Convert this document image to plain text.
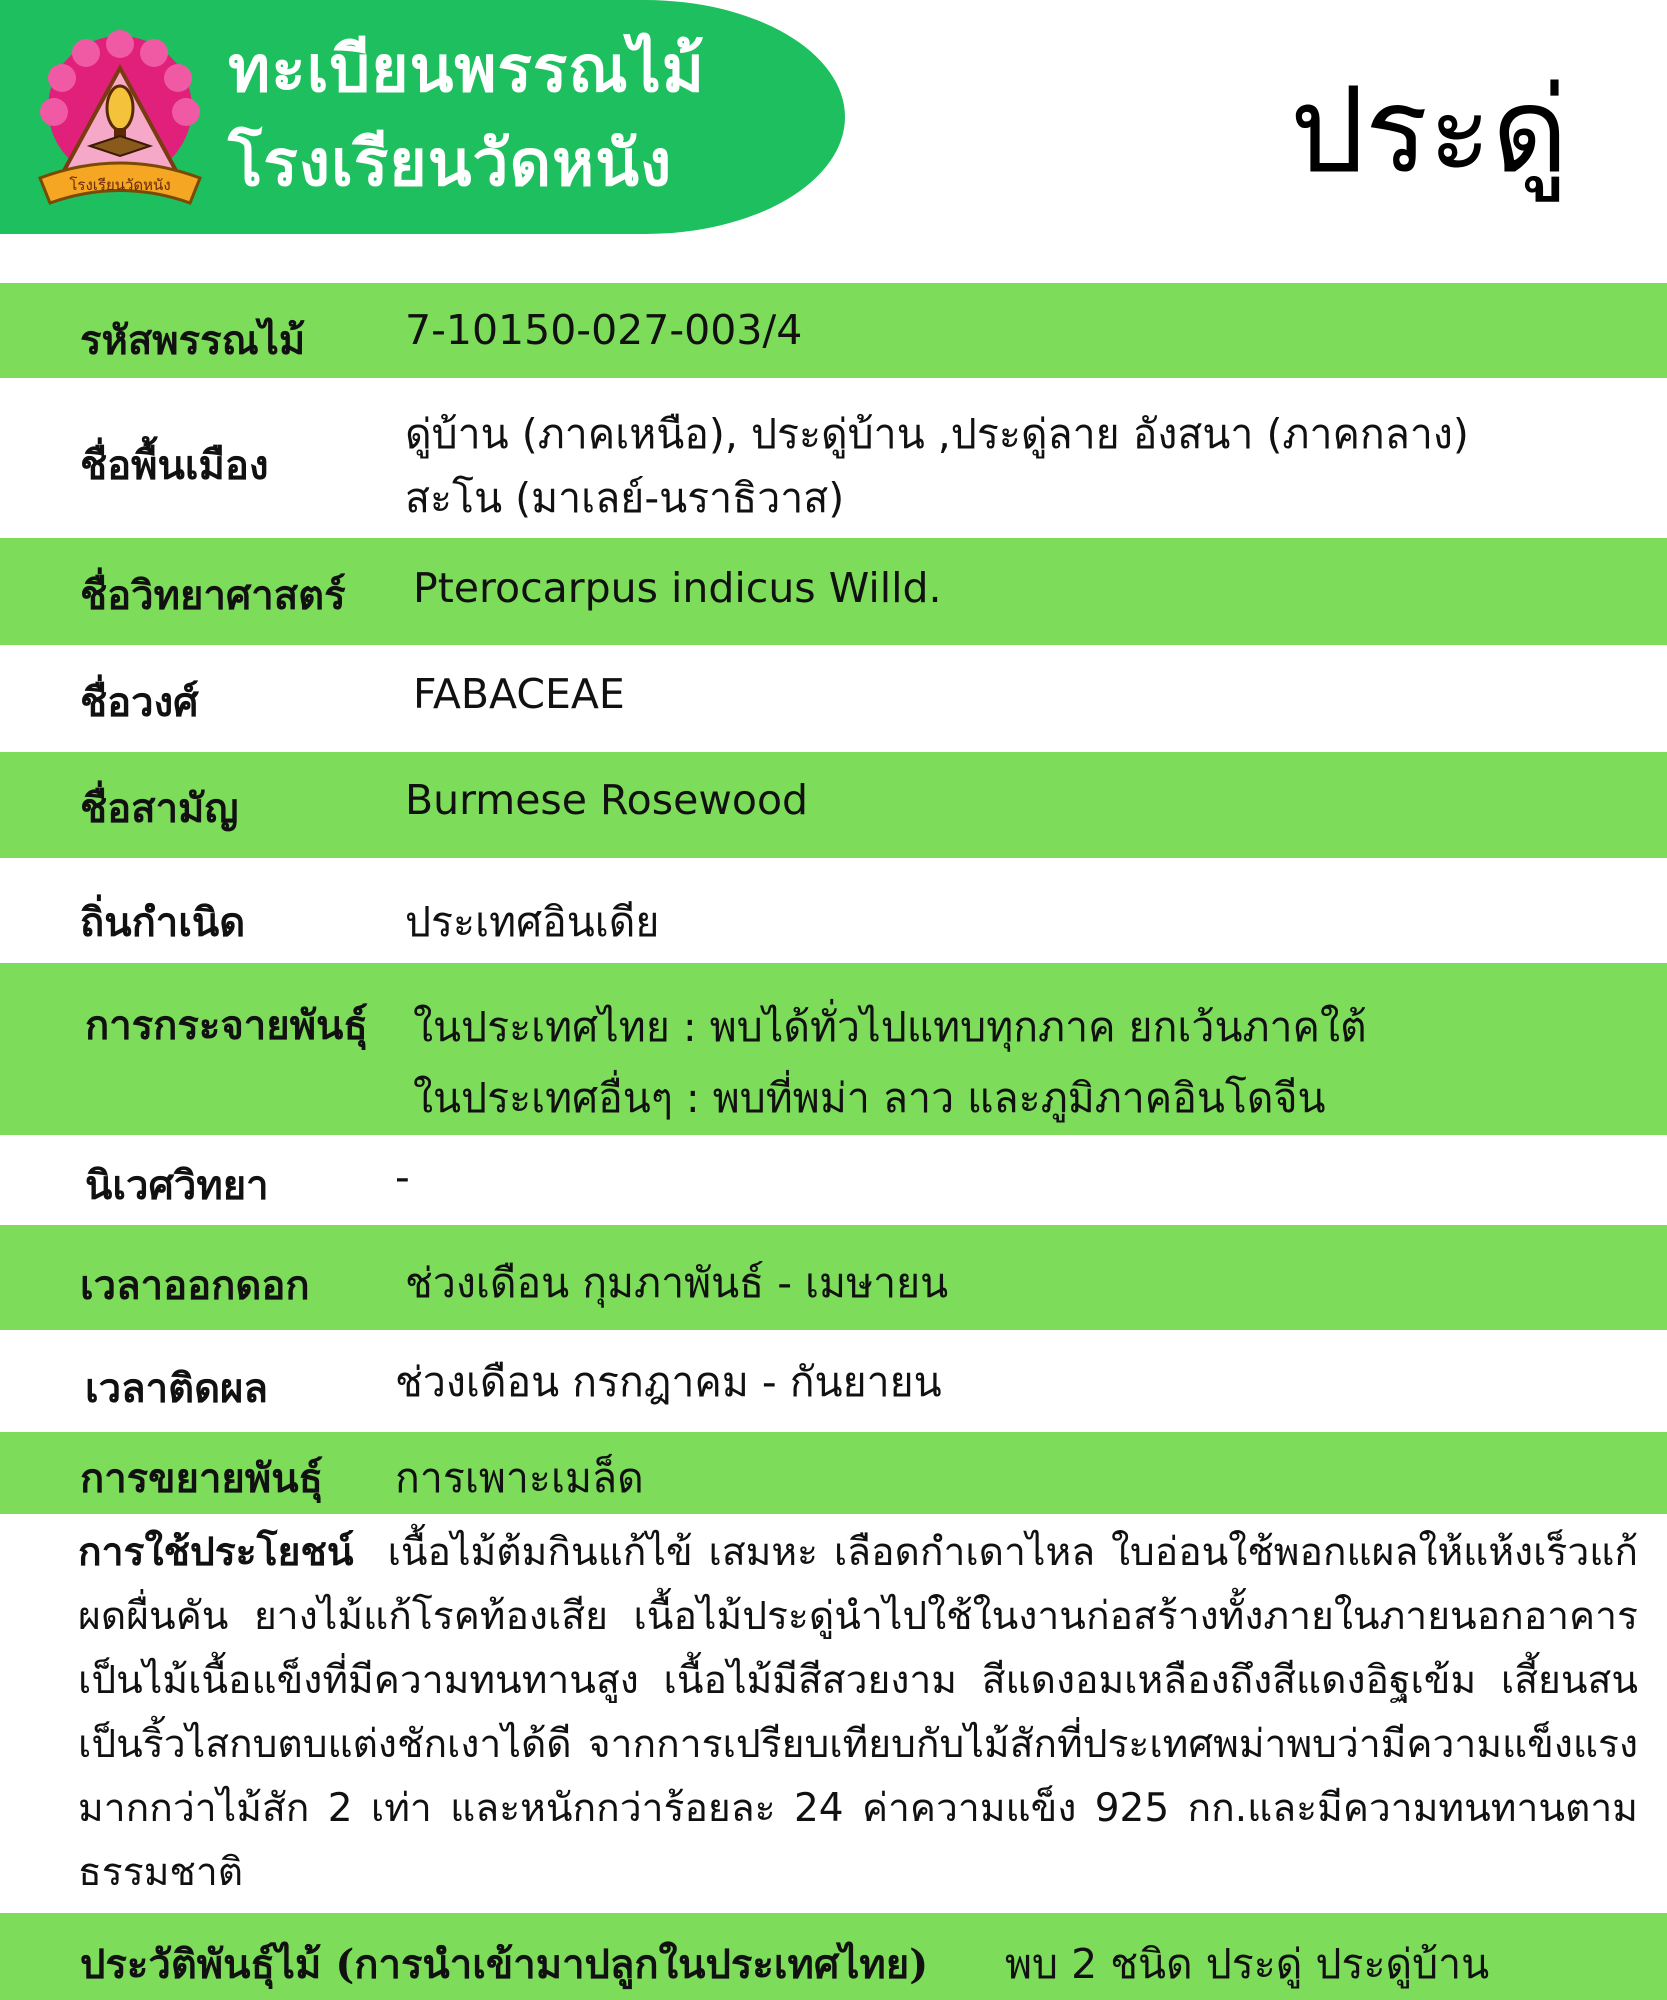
โรงเรียนวัดหนัง
ทะเบียนพรรณไม้
โรงเรียนวัดหนัง	ประดู่
รหัสพรรณไม้ 7-10150-027-003/4
ชื่อพื้นเมือง
ดู่บ้าน (ภาคเหนือ), ประดู่บ้าน ,ประดู่ลาย อังสนา (ภาคกลาง)
สะโน (มาเลย์-นราธิวาส)
ชื่อวิทยาศาสตร์ Pterocarpus indicus Willd.
ชื่อวงศ์	FABACEAE
ชื่อสามัญ	Burmese Rosewood
ถิ่นกำเนิด	ประเทศอินเดีย
การกระจายพันธุ์ ในประเทศไทย : พบได้ทั่วไปแทบทุกภาค ยกเว้นภาคใต้
ในประเทศอื่นๆ : พบที่พม่า ลาว และภูมิภาคอินโดจีน
นิเวศวิทยา	-
เวลาออกดอก ช่วงเดือน กุมภาพันธ์ - เมษายน
เวลาติดผล	ช่วงเดือน กรกฎาคม - กันยายน
การขยายพันธุ์ การเพาะเมล็ด
การใช้ประโยชน์ เนื้อไม้ต้มกินแก้ไข้ เสมหะ เลือดกำเดาไหล ใบอ่อนใช้พอกแผลให้แห้งเร็วแก้ผดผื่นคัน ยางไม้แก้โรคท้องเสีย เนื้อไม้ประดู่นำไปใช้ในงานก่อสร้างทั้งภายในภายนอกอาคาร เป็นไม้เนื้อแข็งที่มีความทนทานสูง เนื้อไม้มีสีสวยงาม สีแดงอมเหลืองถึงสีแดงอิฐเข้ม เสี้ยนสนเป็นริ้วไสกบตบแต่งชักเงาได้ดี จากการเปรียบเทียบกับไม้สักที่ประเทศพม่าพบว่ามีความแข็งแรงมากกว่าไม้สัก 2 เท่า และหนักกว่าร้อยละ 24 ค่าความแข็ง 925 กก.และมีความทนทานตามธรรมชาติ
ประวัติพันธุ์ไม้ (การนำเข้ามาปลูกในประเทศไทย) พบ 2 ชนิด ประดู่ ประดู่บ้าน
